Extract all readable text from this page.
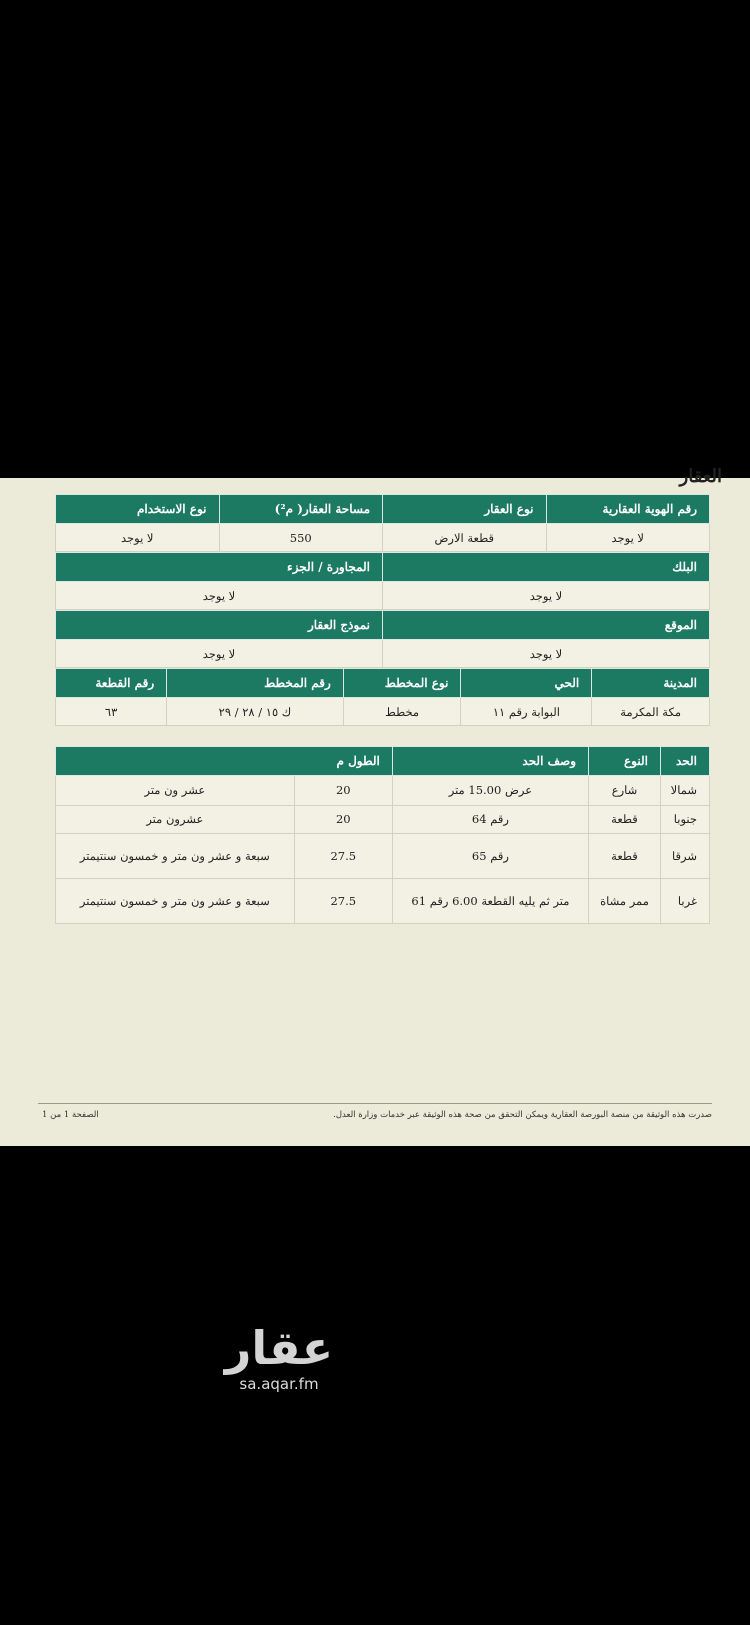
العقار
رقم الهوية العقارية	نوع العقار	مساحة العقار( م²)	نوع الاستخدام
لا يوجد	قطعة الارض	550	لا يوجد
البلك	المجاورة / الجزء
لا يوجد	لا يوجد
الموقع	نموذج العقار
لا يوجد	لا يوجد
المدينة	الحي	نوع المخطط	رقم المخطط	رقم القطعة
مكة المكرمة	البوابة رقم ١١	مخطط	ك ١٥ / ٢٨ / ٢٩	٦٣
الحد	النوع	وصف الحد	الطول م	
شمالا	شارع	عرض 15.00 متر	20	عشر ون متر
جنوبا	قطعة	رقم 64	20	عشرون متر
شرقا	قطعة	رقم 65	27.5	سبعة و عشر ون متر و خمسون سنتيمتر
غربا	ممر مشاة	متر ثم يليه القطعة 6.00 رقم 61	27.5	سبعة و عشر ون متر و خمسون سنتيمتر
صدرت هذه الوثيقة من منصة البورصة العقارية ويمكن التحقق من صحة هذه الوثيقة عبر خدمات وزارة العدل.
الصفحة 1 من 1
عقار
sa.aqar.fm
